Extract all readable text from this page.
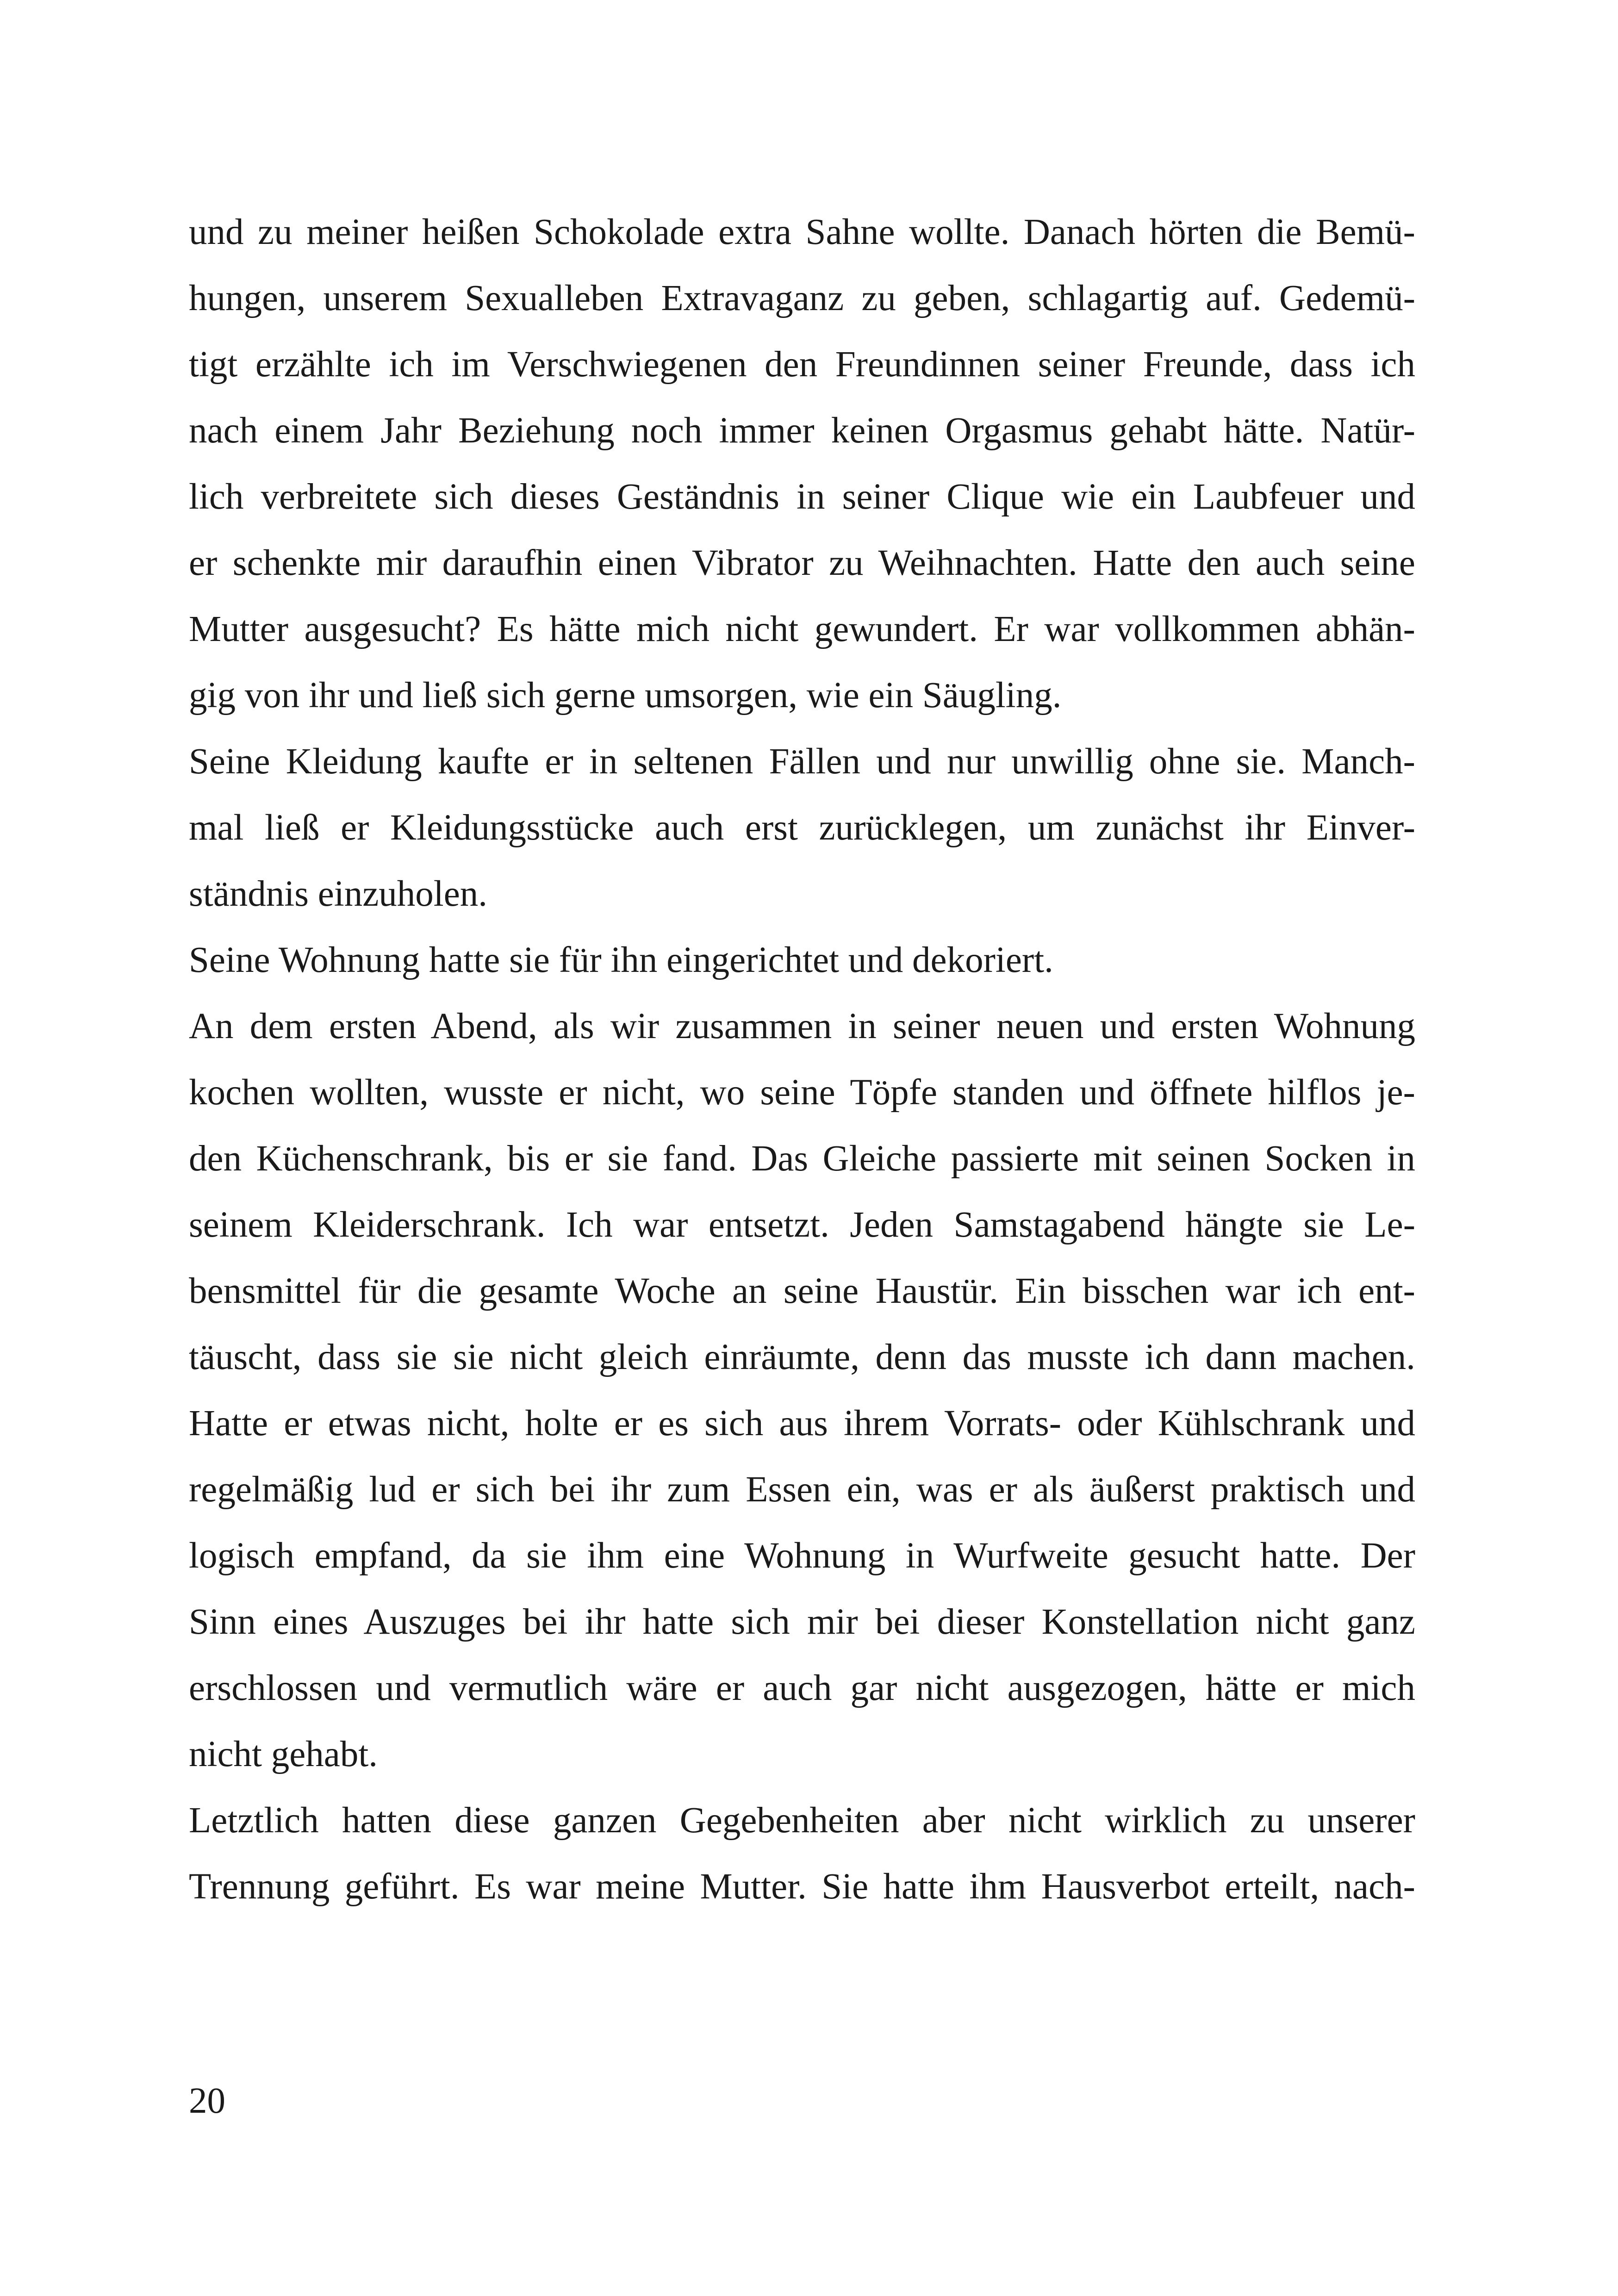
und zu meiner heißen Schokolade extra Sahne wollte. Danach hörten die Bemü-
hungen, unserem Sexualleben Extravaganz zu geben, schlagartig auf. Gedemü-
tigt erzählte ich im Verschwiegenen den Freundinnen seiner Freunde, dass ich
nach einem Jahr Beziehung noch immer keinen Orgasmus gehabt hätte. Natür-
lich verbreitete sich dieses Geständnis in seiner Clique wie ein Laubfeuer und
er schenkte mir daraufhin einen Vibrator zu Weihnachten. Hatte den auch seine
Mutter ausgesucht? Es hätte mich nicht gewundert. Er war vollkommen abhän-
gig von ihr und ließ sich gerne umsorgen, wie ein Säugling.
Seine Kleidung kaufte er in seltenen Fällen und nur unwillig ohne sie. Manch-
mal ließ er Kleidungsstücke auch erst zurücklegen, um zunächst ihr Einver-
ständnis einzuholen.
Seine Wohnung hatte sie für ihn eingerichtet und dekoriert.
An dem ersten Abend, als wir zusammen in seiner neuen und ersten Wohnung
kochen wollten, wusste er nicht, wo seine Töpfe standen und öffnete hilflos je-
den Küchenschrank, bis er sie fand. Das Gleiche passierte mit seinen Socken in
seinem Kleiderschrank. Ich war entsetzt. Jeden Samstagabend hängte sie Le-
bensmittel für die gesamte Woche an seine Haustür. Ein bisschen war ich ent-
täuscht, dass sie sie nicht gleich einräumte, denn das musste ich dann machen.
Hatte er etwas nicht, holte er es sich aus ihrem Vorrats- oder Kühlschrank und
regelmäßig lud er sich bei ihr zum Essen ein, was er als äußerst praktisch und
logisch empfand, da sie ihm eine Wohnung in Wurfweite gesucht hatte. Der
Sinn eines Auszuges bei ihr hatte sich mir bei dieser Konstellation nicht ganz
erschlossen und vermutlich wäre er auch gar nicht ausgezogen, hätte er mich
nicht gehabt.
Letztlich hatten diese ganzen Gegebenheiten aber nicht wirklich zu unserer
Trennung geführt. Es war meine Mutter. Sie hatte ihm Hausverbot erteilt, nach-
20
